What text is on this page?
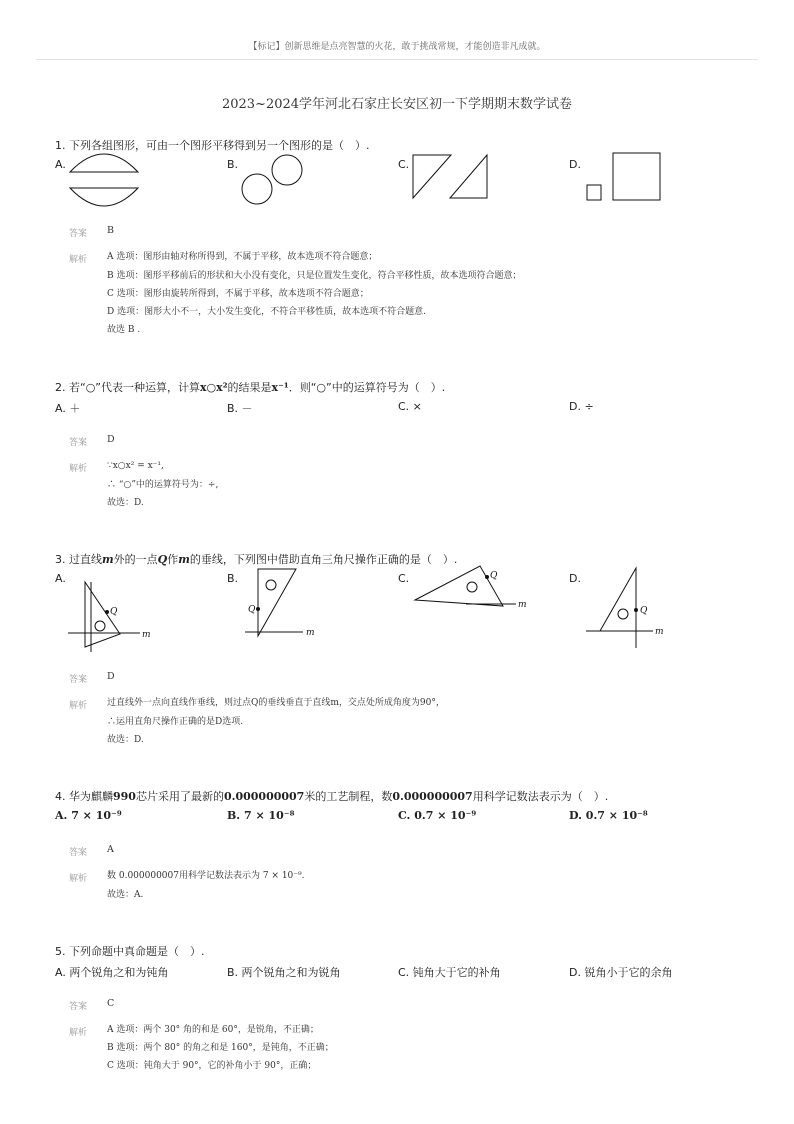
【标记】创新思维是点亮智慧的火花，敢于挑战常规，才能创造非凡成就。
2023~2024学年河北石家庄长安区初一下学期期末数学试卷
1. 下列各组图形，可由一个图形平移得到另一个图形的是（　）.
A.	B.	C.	D.
答案 B
解析 A 选项：图形由轴对称所得到，不属于平移，故本选项不符合题意；
B 选项：图形平移前后的形状和大小没有变化，只是位置发生变化，符合平移性质，故本选项符合题意；
C 选项：图形由旋转所得到，不属于平移，故本选项不符合题意；
D 选项：图形大小不一，大小发生变化，不符合平移性质，故本选项不符合题意.
故选 B .
2. 若“○”代表一种运算，计算x○x²的结果是x⁻¹．则“○”中的运算符号为（　）.
A. ＋	B. －	C. ×	D. ÷
答案 D
解析 ∵x○x² = x⁻¹,
∴ “○”中的运算符号为：÷,
故选：D.
3. 过直线m外的一点Q作m的垂线，下列图中借助直角三角尺操作正确的是（　）.
A.	B.	C.	D.
Q
m
Q
m
Q
m
Q
m
答案 D
解析 过直线外一点向直线作垂线，则过点Q的垂线垂直于直线m，交点处所成角度为90°，
∴运用直角尺操作正确的是D选项.
故选：D.
4. 华为麒麟990芯片采用了最新的0.000000007米的工艺制程，数0.000000007用科学记数法表示为（　）.
A. 7 × 10⁻⁹	B. 7 × 10⁻⁸	C. 0.7 × 10⁻⁹	D. 0.7 × 10⁻⁸
答案 A
解析 数 0.000000007用科学记数法表示为 7 × 10⁻⁹.
故选：A.
5. 下列命题中真命题是（　）.
A. 两个锐角之和为钝角	B. 两个锐角之和为锐角	C. 钝角大于它的补角	D. 锐角小于它的余角
答案 C
解析 A 选项：两个 30° 角的和是 60°，是锐角，不正确；
B 选项：两个 80° 的角之和是 160°，是钝角，不正确；
C 选项：钝角大于 90°，它的补角小于 90°，正确；
